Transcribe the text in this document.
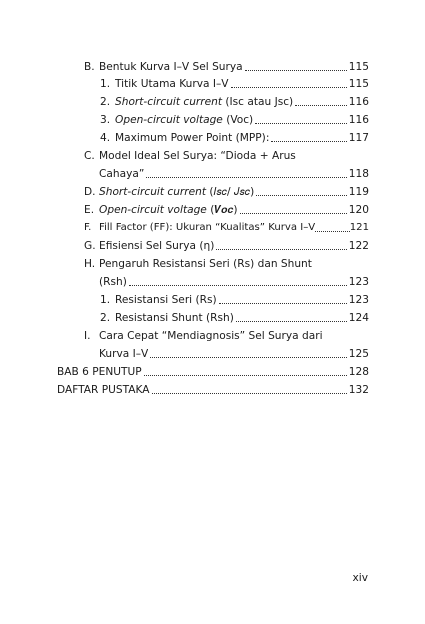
B. Bentuk Kurva I–V Sel Surya	115
1. Titik Utama Kurva I–V	115
2. Short-circuit current (Isc atau Jsc)	116
3. Open-circuit voltage (Voc)	116
4. Maximum Power Point (MPP):	117
C. Model Ideal Sel Surya: “Dioda + Arus
Cahaya”	118
D. Short-circuit current (𝐼𝑠𝑐/ 𝐽𝑠𝑐)	119
E. Open-circuit voltage (𝑽𝒐𝒄)	120
F. Fill Factor (FF): Ukuran “Kualitas” Kurva I–V	121
G. Efisiensi Sel Surya (η)	122
H. Pengaruh Resistansi Seri (Rs) dan Shunt
(Rsh)	123
1. Resistansi Seri (Rs)	123
2. Resistansi Shunt (Rsh)	124
I. Cara Cepat “Mendiagnosis” Sel Surya dari
Kurva I–V	125
BAB 6 PENUTUP	128
DAFTAR PUSTAKA	132
xiv
